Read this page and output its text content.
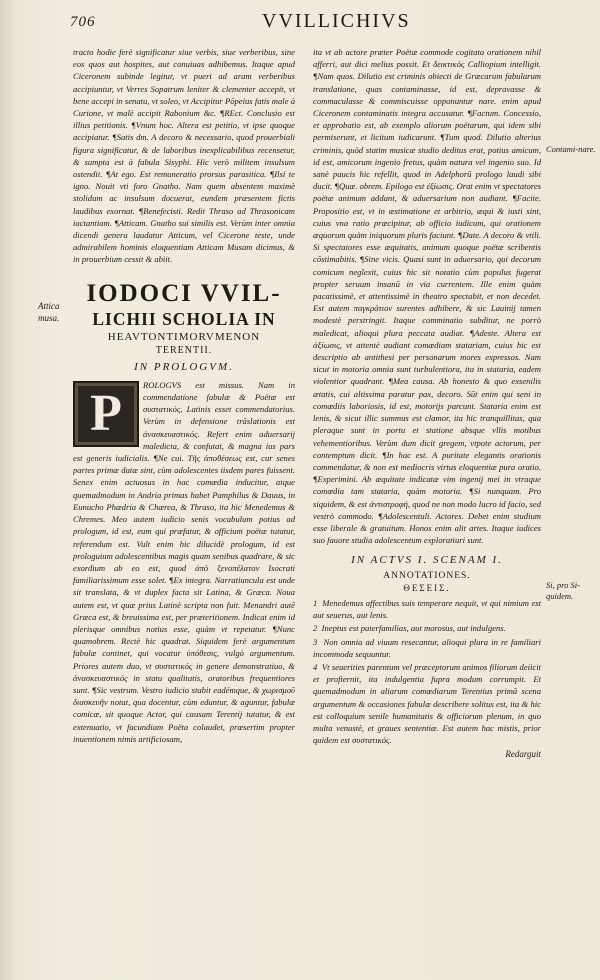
706	VVILLICHIVS
Attica musa.
Contami-nare.
Si, pro Si-quidem.

tracto hodie ferè significatur siue verbis, siue verberibus, sine eos quos aut hospites, aut conuiuas adhibemus. Itaque apud Ciceronem subinde legitur, vt pueri ad aram verberibus accipiuntur, vt Verres Sopatrum leniter & clementer accepit, vt bene accepi in senatu, vt soleo, vt Accipitur Pōpeius fatis male à Curione, vt malè accipit Rabonium &c. ¶REct. Conclusio est illius petitionis. ¶Vnum hoc. Altera est petitio, vt ipse quoque accipiatur. ¶Satis dm. A decoro & necessario, quod prouerbiali figura significatur, & de laboribus inexplicabilibus recensetur, & sumpta est à fabula Sisyphi. Hic verò militem insulsum ostendit. ¶At ego. Est remuneratio prorsus parasitica. ¶Ilsi te igno. Nouit vti foro Gnatho. Nam quem absentem maximè stolidum ac insulsum docuerat, eundem præsentem fictis laudibus exornat. ¶Benefecisti. Redit Thraso ad Thrasonicam iactantiam. ¶Atticam. Gnatho sui similis est. Verùm inter omnia dicendi genera laudatur Atticum, vel Cicerone teste, unde admirabilem hominis eloquentiam Atticam Musam dicimus, & in prouerbium cessit & abiit.

IODOCI VVIL-
LICHII SCHOLIA IN
HEAVTONTIMORVMENON
TERENTII.
IN PROLOGVM.

P	ROLOGVS est missus. Nam in commendatione fabulæ & Poëtæ est συστατικός, Latinis esset commendatorius. Verùm in defensione trāslationis est ἀνασκευαστικός. Refert enim aduersarij maledicta, & confutat, & magna ius pars est generis iudicialis. ¶Ne cui. Τῆς ἀποθέσεως est, cur senes partes primæ datæ sint, cùm adolescentes iisdem pares fuissent. Senex enim actuosus in hac comœdia inducitur, atque quemadmodum in Andria primas habet Pamphilus & Dauus, in Eunucho Phædria & Chærea, & Thraso, ita hic Menedemus & Chremes. Meo autem iudicio senis vocabulum potius ad prologum, id est, eum qui præfatur, & officium poëtæ tutatur, referendum est. Vult enim hic dilucidè prologum, id est prologuium adolescentibus magis quam senibus quadrare, & sic exordium ab eo est, quod ἀπὸ ξενοπέλατον Isocrati familiarissimum esse solet. ¶Ex integra. Narratiuncula est unde sit translata, & vt duplex facta sit Latina, & Græca. Noua autem est, vt quæ prius Latinè scripta non fuit. Menandri autē Græca est, & breuissima est, per præteritionem. Indicat enim id plerisque omnibus notius esse, quàm vt repetatur. ¶Nunc quamobrem. Rectè hic quadrat. Siquidem ferè argumentum fabulæ continet, qui vocatur ὑπόθεσις, vulgò argumentum. Priores autem duo, vt συστατικός in genere demonstratiuo, & ἀνασκευαστικός in statu qualitatis, oratoribus frequentiores sunt. ¶Sic vestrum. Vestro iudicio stabit eadémque, & χωρισμοῦ διασκευῆν notat, qua docentur, cùm eduntur, & aguntur, fabulæ comicæ, sit quoque Actor, qui causam Terentij tutatur, & est extenuatio, vt facundiam Poëta colaudet, præsertim propter inuentionem nimis artificiosam,

ita vt ab actore præter Poëtæ commode cogitata orationem nihil afferri, aut dici melius possit. Et δεικτικός Calliopium intelligit. ¶Nam quos. Dilutio est criminis obiecti de Græcarum fabularum translatione, quas contaminasse, id est, depravasse & commaculasse & commiscuisse opponuntur nare. enim apud Ciceronem contaminatis integra accusatur. ¶Factum. Concessio, et approbatio est, ab exemplo aliorum poëtarum, qui idem sibi permiserunt, et licitum iudicarunt. ¶Tum quod. Dilutio alterius criminis, quòd statim musicæ studio deditus erat, potius amicum, id est, amicorum ingenio fretus, quàm natura vel ingenio suo. Id sanè paucis hic refellit, quod in Adelphorū prologo laudi sibi ducit. ¶Quæ. obrem. Epilogo est ἐξίωσις. Orat enim vt spectatores poëtæ animum addant, & aduersarium non audiant. ¶Facite. Propositio est, vt in æstimatione et arbitrio, æqui & iusti sint, cuius vna ratio præcipitur, ab officio iudicum, qui orationem æquorum quàm iniquorum pluris faciunt. ¶Date. A decoro & vtili. Si spectatores esse æquitatis, animum quoque poëtæ scribentis cōstimabitis. ¶Sine vicis. Quasi sunt in aduersario, qui decorum comicum neglexit, cuius hic sit notatio cùm populus fugerat propter seruum insanū in via currentem. Ille enim quàm pacatissimè, et attentissimè in theatro spectabit, et non decedet. Est autem παγκράτιον surentes adhibere, & sic Lauinij tamen modestè perstringit. Itaque comminatio subditur, ne porrò maledicat, alioqui plura peccata audiat. ¶Adeste. Altera est ἀξίωσις, vt attentè audiant comœdiam statariam, cuius hic est descriptio ab antithesi per personarum mores expressos. Nam sicut in motoria omnia sunt turbulentiora, ita in stataria, eadem violentior quadrant. ¶Mea causa. Ab honesto & quo exsenilis ætatis, cui altissima paratur pax, decoro. Sūt enim qui seni in comœdiis laboriosis, id est, motorijs parcunt. Stataria enim est lenis, & sicut illic summus est clamor, ita hic tranquillitas, qua pleraque sunt in portu et statione absque vllis motibus vehementioribus. Verùm dum dicit gregem, vtpote actorum, per contemptum dicit. ¶In hac est. A puritate elegantis orationis commendatur, & non est mediocris virtus eloquentiæ pura oratio. ¶Experimini. Ab æquitate indicatæ vim ingenij mei in vtraque comœdia tam stataria, quàm motoria. ¶Si nunquam. Pro siquidem, & est ἀντιστροφή, quod ne non modo lucro id facio, sed vestrò commodo. ¶Adolescentuli. Actores. Debet enim studium esse liberale & gratuitum. Honos enim alit artes. Itaque iudices suo fauore studia adolescentum exploratiuri sunt.

IN ACTVS I. SCENAM I.
ANNOTATIONES.
ΘΕΣΕΙΣ.

1 Menedemus affectibus suis temperare nequit, vt qui nimium est aut seuerus, aut lenis.

2 Ineptus est paterfamilias, aut morosus, aut indulgens.

3 Non omnia ad viuum resecantur, alioqui plura in re familiari incommoda sequuntur.

4 Vt seuerities parentum vel præceptorum animos filiorum deiicit et profternit, ita indulgentia fupra modum corrumpit. Et quemadmodum in aliarum comœdiarum Terentius primā scena argumentum & occasiones fabulæ describere solitus est, ita & hic est colloquium senile humanitatis & officiorum plenum, in quo multa venustè, et graues sententiæ. Est autem hac mistis, prior quidem est συστατικός.

Redarguit
